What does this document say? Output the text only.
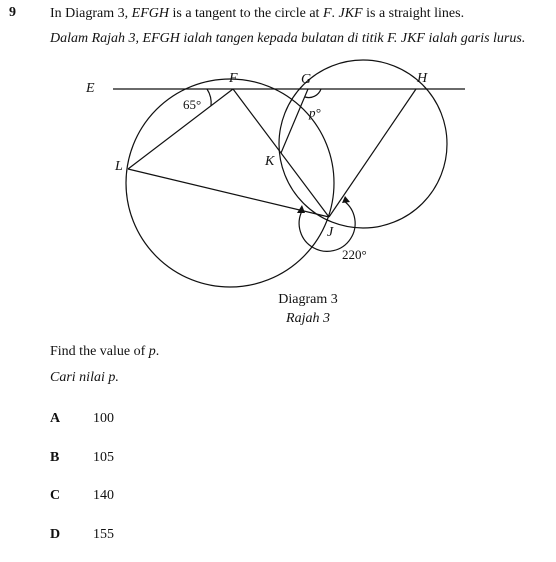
9 In Diagram 3, EFGH is a tangent to the circle at F. JKF is a straight lines.
Dalam Rajah 3, EFGH ialah tangen kepada bulatan di titik F. JKF ialah garis lurus.
E
F	G	H
K
L
J
65°
p°
220°
Diagram 3
Rajah 3
Find the value of p.
Cari nilai p.
A 100
B 105
C 140
D 155
